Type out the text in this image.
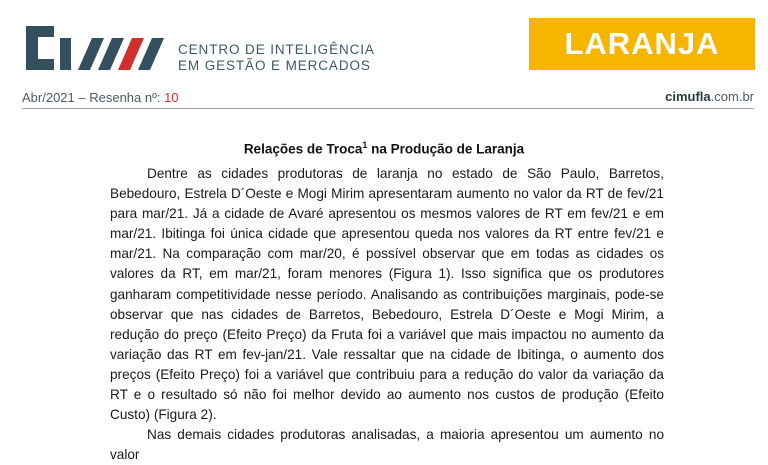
CENTRO DE INTELIGÊNCIA
EM GESTÃO E MERCADOS
LARANJA
Abr/2021 – Resenha nº: 10	cimufla.com.br
Relações de Troca$^1$ na Produção de Laranja

Dentre as cidades produtoras de laranja no estado de São Paulo, Barretos, Bebedouro, Estrela D´Oeste e Mogi Mirim apresentaram aumento no valor da RT de fev/21 para mar/21. Já a cidade de Avaré apresentou os mesmos valores de RT em fev/21 e em mar/21. Ibitinga foi única cidade que apresentou queda nos valores da RT entre fev/21 e mar/21. Na comparação com mar/20, é possível observar que em todas as cidades os valores da RT, em mar/21, foram menores (Figura 1). Isso significa que os produtores ganharam competitividade nesse período. Analisando as contribuições marginais, pode-se observar que nas cidades de Barretos, Bebedouro, Estrela D´Oeste e Mogi Mirim, a redução do preço (Efeito Preço) da Fruta foi a variável que mais impactou no aumento da variação das RT em fev-jan/21. Vale ressaltar que na cidade de Ibitinga, o aumento dos preços (Efeito Preço) foi a variável que contribuiu para a redução do valor da variação da RT e o resultado só não foi melhor devido ao aumento nos custos de produção (Efeito Custo) (Figura 2).

Nas demais cidades produtoras analisadas, a maioria apresentou um aumento no valor
